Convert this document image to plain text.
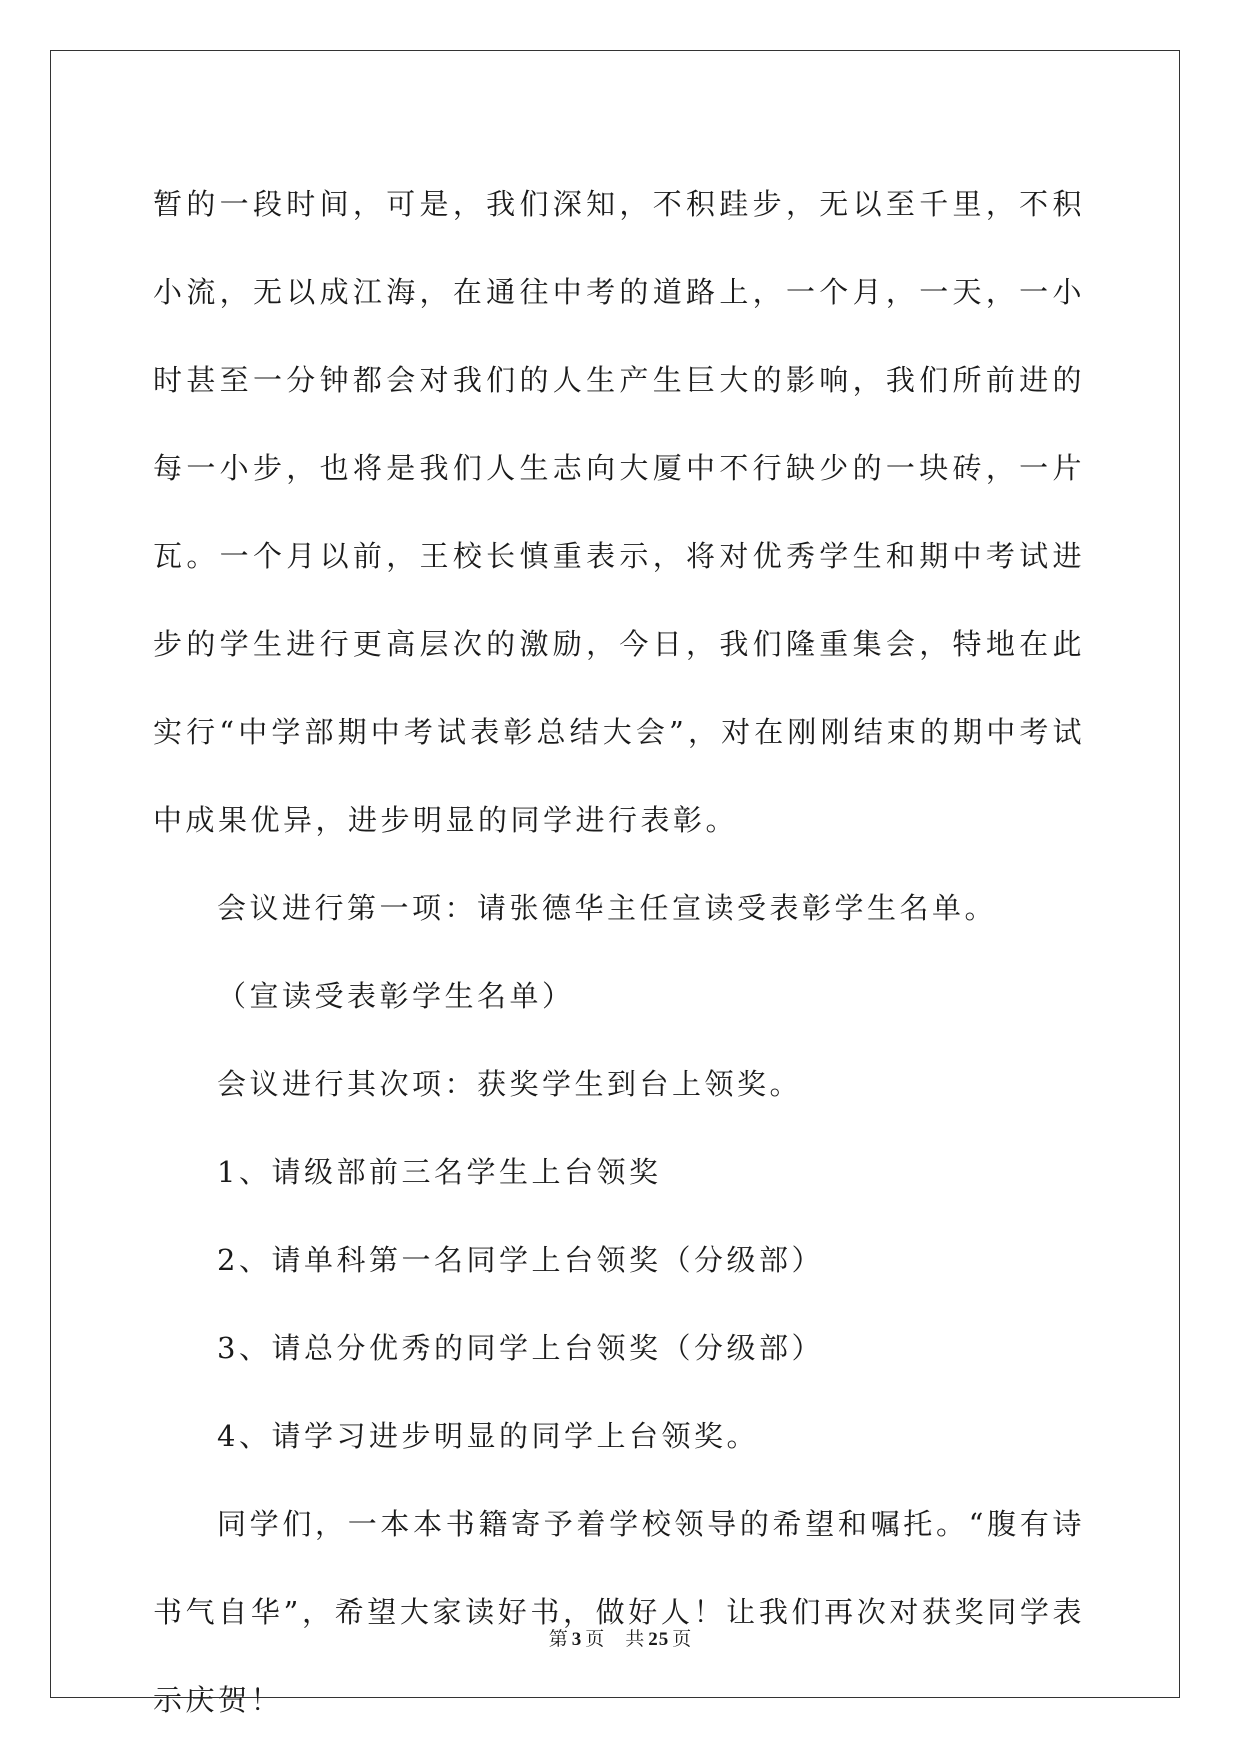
暂的一段时间，可是，我们深知，不积跬步，无以至千里，不积小流，无以成江海，在通往中考的道路上，一个月，一天，一小时甚至一分钟都会对我们的人生产生巨大的影响，我们所前进的每一小步，也将是我们人生志向大厦中不行缺少的一块砖，一片瓦。一个月以前，王校长慎重表示，将对优秀学生和期中考试进步的学生进行更高层次的激励，今日，我们隆重集会，特地在此实行“中学部期中考试表彰总结大会”，对在刚刚结束的期中考试中成果优异，进步明显的同学进行表彰。

会议进行第一项：请张德华主任宣读受表彰学生名单。

（宣读受表彰学生名单）

会议进行其次项：获奖学生到台上领奖。

1、请级部前三名学生上台领奖

2、请单科第一名同学上台领奖（分级部）

3、请总分优秀的同学上台领奖（分级部）

4、请学习进步明显的同学上台领奖。

同学们，一本本书籍寄予着学校领导的希望和嘱托。“腹有诗书气自华”，希望大家读好书，做好人！让我们再次对获奖同学表示庆贺！

第 3 页 共 25 页
